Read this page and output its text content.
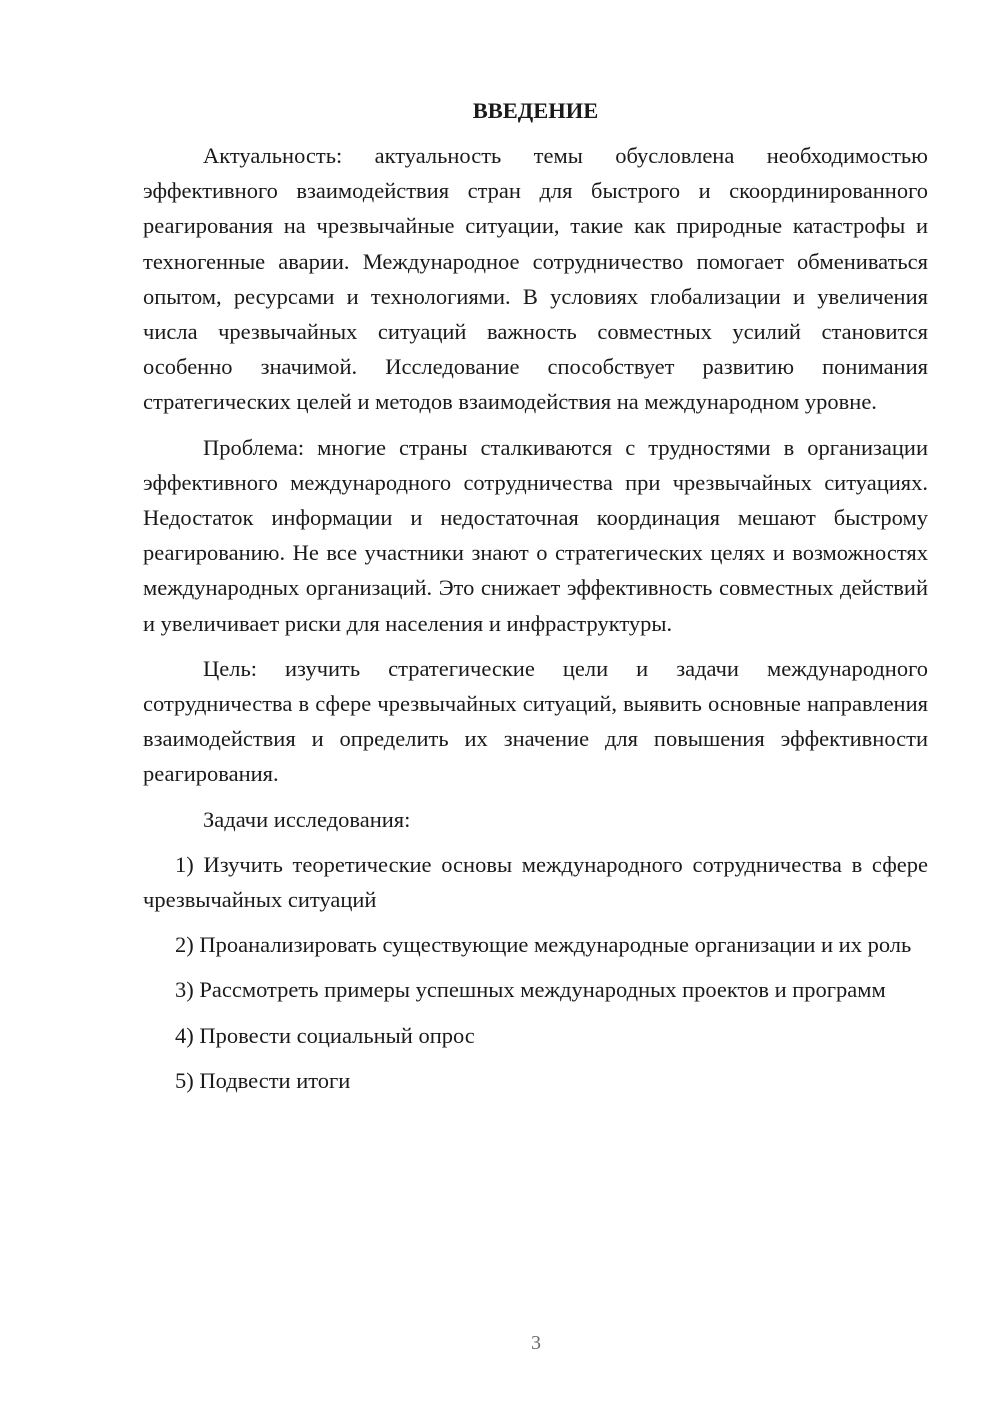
ВВЕДЕНИЕ

Актуальность: актуальность темы обусловлена необходимостью эффективного взаимодействия стран для быстрого и скоординированного реагирования на чрезвычайные ситуации, такие как природные катастрофы и техногенные аварии. Международное сотрудничество помогает обмениваться опытом, ресурсами и технологиями. В условиях глобализации и увеличения числа чрезвычайных ситуаций важность совместных усилий становится особенно значимой. Исследование способствует развитию понимания стратегических целей и методов взаимодействия на международном уровне.

Проблема: многие страны сталкиваются с трудностями в организации эффективного международного сотрудничества при чрезвычайных ситуациях. Недостаток информации и недостаточная координация мешают быстрому реагированию. Не все участники знают о стратегических целях и возможностях международных организаций. Это снижает эффективность совместных действий и увеличивает риски для населения и инфраструктуры.

Цель: изучить стратегические цели и задачи международного сотрудничества в сфере чрезвычайных ситуаций, выявить основные направления взаимодействия и определить их значение для повышения эффективности реагирования.

Задачи исследования:

1) Изучить теоретические основы международного сотрудничества в сфере чрезвычайных ситуаций

2) Проанализировать существующие международные организации и их роль

3) Рассмотреть примеры успешных международных проектов и программ

4) Провести социальный опрос

5) Подвести итоги

3
